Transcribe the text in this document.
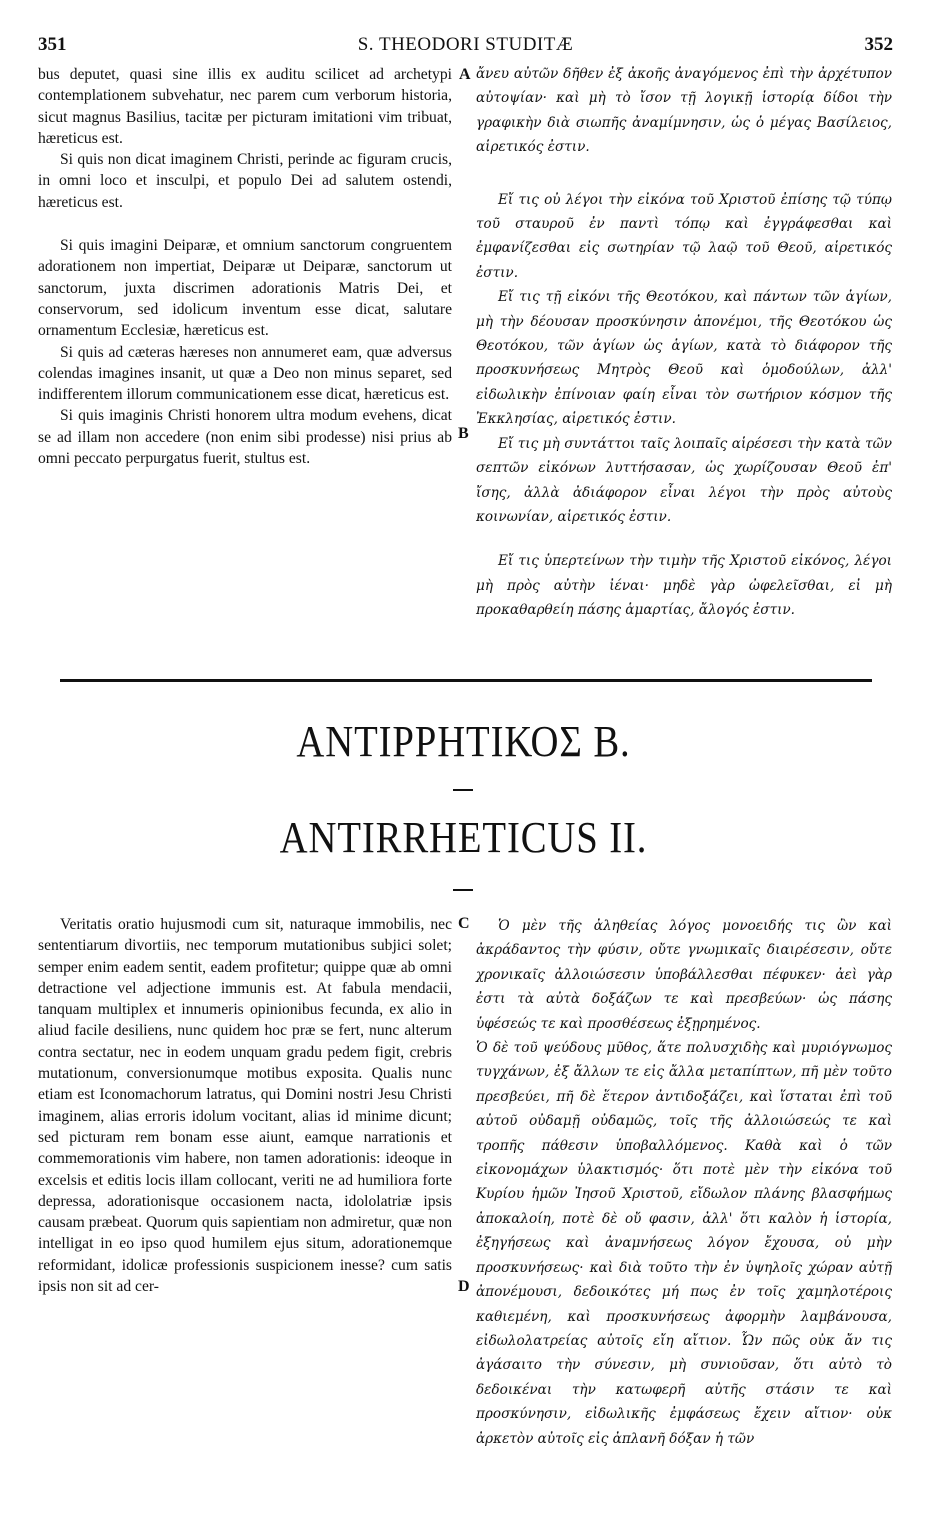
351	S. THEODORI STUDITÆ	352

bus deputet, quasi sine illis ex auditu scilicet ad archetypi contemplationem subvehatur, nec parem cum verborum historia, sicut magnus Basilius, tacitæ per picturam imitationi vim tribuat, hæreticus est.

Si quis non dicat imaginem Christi, perinde ac figuram crucis, in omni loco et insculpi, et populo Dei ad salutem ostendi, hæreticus est.

Si quis imagini Deiparæ, et omnium sanctorum congruentem adorationem non impertiat, Deiparæ ut Deiparæ, sanctorum ut sanctorum, juxta discrimen adorationis Matris Dei, et conservorum, sed idolicum inventum esse dicat, salutare ornamentum Ecclesiæ, hæreticus est.

Si quis ad cæteras hæreses non annumeret eam, quæ adversus colendas imagines insanit, ut quæ a Deo non minus separet, sed indifferentem illorum communicationem esse dicat, hæreticus est.

Si quis imaginis Christi honorem ultra modum evehens, dicat se ad illam non accedere (non enim sibi prodesse) nisi prius ab omni peccato perpurgatus fuerit, stultus est.

A
B
C
D

ἄνευ αὐτῶν δῆθεν ἐξ ἀκοῆς ἀναγόμενος ἐπὶ τὴν ἀρχέτυπον αὐτοψίαν· καὶ μὴ τὸ ἴσον τῇ λογικῇ ἱστορίᾳ δίδοι τὴν γραφικὴν διὰ σιωπῆς ἀναμίμνησιν, ὡς ὁ μέγας Βασίλειος, αἱρετικός ἐστιν.

Εἴ τις οὐ λέγοι τὴν εἰκόνα τοῦ Χριστοῦ ἐπίσης τῷ τύπῳ τοῦ σταυροῦ ἐν παντὶ τόπῳ καὶ ἐγγράφεσθαι καὶ ἐμφανίζεσθαι εἰς σωτηρίαν τῷ λαῷ τοῦ Θεοῦ, αἱρετικός ἐστιν.

Εἴ τις τῇ εἰκόνι τῆς Θεοτόκου, καὶ πάντων τῶν ἁγίων, μὴ τὴν δέουσαν προσκύνησιν ἀπονέμοι, τῆς Θεοτόκου ὡς Θεοτόκου, τῶν ἁγίων ὡς ἁγίων, κατὰ τὸ διάφορον τῆς προσκυνήσεως Μητρὸς Θεοῦ καὶ ὁμοδούλων, ἀλλ' εἰδωλικὴν ἐπίνοιαν φαίη εἶναι τὸν σωτήριον κόσμον τῆς Ἐκκλησίας, αἱρετικός ἐστιν.

Εἴ τις μὴ συντάττοι ταῖς λοιπαῖς αἱρέσεσι τὴν κατὰ τῶν σεπτῶν εἰκόνων λυττήσασαν, ὡς χωρίζουσαν Θεοῦ ἐπ' ἴσης, ἀλλὰ ἀδιάφορον εἶναι λέγοι τὴν πρὸς αὐτοὺς κοινωνίαν, αἱρετικός ἐστιν.

Εἴ τις ὑπερτείνων τὴν τιμὴν τῆς Χριστοῦ εἰκόνος, λέγοι μὴ πρὸς αὐτὴν ἰέναι· μηδὲ γὰρ ὠφελεῖσθαι, εἰ μὴ προκαθαρθείη πάσης ἁμαρτίας, ἄλογός ἐστιν.

ΑΝΤΙΡΡΗΤΙΚΟΣ Β.
ANTIRRHETICUS II.

Veritatis oratio hujusmodi cum sit, naturaque immobilis, nec sententiarum divortiis, nec temporum mutationibus subjici solet; semper enim eadem sentit, eadem profitetur; quippe quæ ab omni detractione vel adjectione immunis est. At fabula mendacii, tanquam multiplex et innumeris opinionibus fecunda, ex alio in aliud facile desiliens, nunc quidem hoc præ se fert, nunc alterum contra sectatur, nec in eodem unquam gradu pedem figit, crebris mutationum, conversionumque motibus exposita. Qualis nunc etiam est Iconomachorum latratus, qui Domini nostri Jesu Christi imaginem, alias erroris idolum vocitant, alias id minime dicunt; sed picturam rem bonam esse aiunt, eamque narrationis et commemorationis vim habere, non tamen adorationis: ideoque in excelsis et editis locis illam collocant, veriti ne ad humiliora forte depressa, adorationisque occasionem nacta, idololatriæ ipsis causam præbeat. Quorum quis sapientiam non admiretur, quæ non intelligat in eo ipso quod humilem ejus situm, adorationemque reformidant, idolicæ professionis suspicionem inesse? cum satis ipsis non sit ad cer-

Ὁ μὲν τῆς ἀληθείας λόγος μονοειδής τις ὢν καὶ ἀκράδαντος τὴν φύσιν, οὔτε γνωμικαῖς διαιρέσεσιν, οὔτε χρονικαῖς ἀλλοιώσεσιν ὑποβάλλεσθαι πέφυκεν· ἀεὶ γὰρ ἐστι τὰ αὐτὰ δοξάζων τε καὶ πρεσβεύων· ὡς πάσης ὑφέσεώς τε καὶ προσθέσεως ἐξῃρημένος.

Ὁ δὲ τοῦ ψεύδους μῦθος, ἅτε πολυσχιδὴς καὶ μυριόγνωμος τυγχάνων, ἐξ ἄλλων τε εἰς ἄλλα μεταπίπτων, πῆ μὲν τοῦτο πρεσβεύει, πῆ δὲ ἕτερον ἀντιδοξάζει, καὶ ἵσταται ἐπὶ τοῦ αὐτοῦ οὐδαμῇ οὐδαμῶς, τοῖς τῆς ἀλλοιώσεώς τε καὶ τροπῆς πάθεσιν ὑποβαλλόμενος. Καθὰ καὶ ὁ τῶν εἰκονομάχων ὑλακτισμός· ὅτι ποτὲ μὲν τὴν εἰκόνα τοῦ Κυρίου ἡμῶν Ἰησοῦ Χριστοῦ, εἴδωλον πλάνης βλασφήμως ἀποκαλοίη, ποτὲ δὲ οὔ φασιν, ἀλλ' ὅτι καλὸν ἡ ἱστορία, ἐξηγήσεως καὶ ἀναμνήσεως λόγον ἔχουσα, οὐ μὴν προσκυνήσεως· καὶ διὰ τοῦτο τὴν ἐν ὑψηλοῖς χώραν αὐτῇ ἀπονέμουσι, δεδοικότες μή πως ἐν τοῖς χαμηλοτέροις καθιεμένη, καὶ προσκυνήσεως ἀφορμὴν λαμβάνουσα, εἰδωλολατρείας αὐτοῖς εἴη αἴτιον. Ὧν πῶς οὐκ ἄν τις ἀγάσαιτο τὴν σύνεσιν, μὴ συνιοῦσαν, ὅτι αὐτὸ τὸ δεδοικέναι τὴν κατωφερῆ αὐτῆς στάσιν τε καὶ προσκύνησιν, εἰδωλικῆς ἐμφάσεως ἔχειν αἴτιον· οὐκ ἀρκετὸν αὐτοῖς εἰς ἀπλανῆ δόξαν ἡ τῶν
